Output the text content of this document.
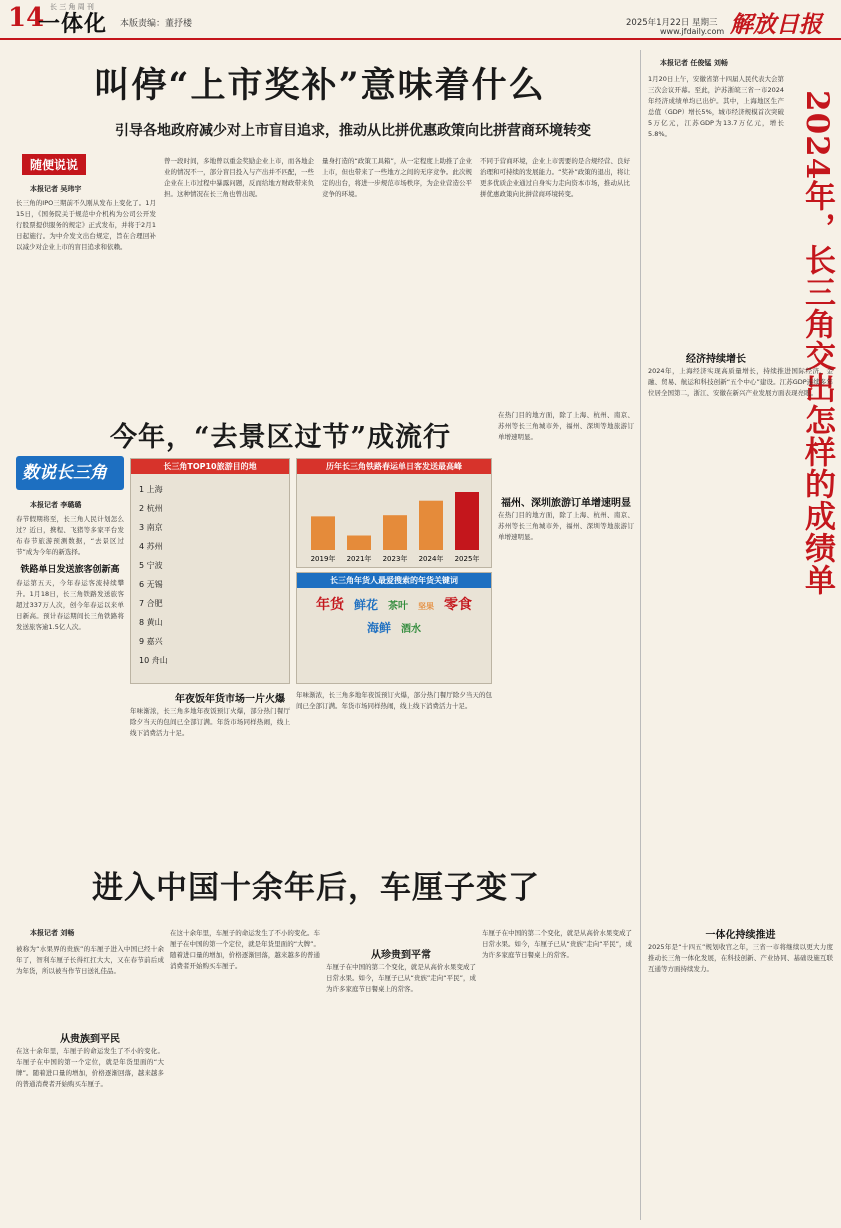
长 三 角 周 刊
14
一体化 本版责编：董抒楼	2025年1月22日 星期三
www.jfdaily.com 解放日报
叫停“上市奖补”意味着什么
引导各地政府减少对上市盲目追求，推动从比拼优惠政策向比拼营商环境转变
随便说说
本报记者 吴玮宇
长三角的IPO三期前不久刚从发布上变化了。1月15日，《国务院关于规范中介机构为公司公开发行股票提供服务的规定》正式发布，并将于2月1日起施行。为中介发文出台规定，旨在合理回补以减少对企业上市的盲目追求和依赖。
曾一段时间，多地曾以重金奖励企业上市，而各地企业的情况不一，部分盲目投入与产出并不匹配，一些企业在上市过程中暴露问题，反而给地方财政带来负担。这种情况在长三角也曾出现。
量身打造的“政策工具箱”，从一定程度上助推了企业上市，但也带来了一些地方之间的无序竞争。此次规定的出台，将进一步规范市场秩序，为企业营造公平竞争的环境。
不同于营商环境，企业上市需要的是合规经营、良好治理和可持续的发展能力。“奖补”政策的退出，将让更多优质企业通过自身实力走向资本市场，推动从比拼优惠政策向比拼营商环境转变。
本报记者 任俊锰 刘畅
2024年，长三角交出怎样的成绩单
1月20日上午，安徽省第十四届人民代表大会第三次会议开幕。至此，沪苏浙皖三省一市2024年经济成绩单均已出炉。其中，上海地区生产总值（GDP）增长5%，城市经济规模首次突破5万亿元，江苏GDP为13.7万亿元，增长5.8%。
经济持续增长
2024年，上海经济实现高质量增长，持续推进国际经济、金融、贸易、航运和科技创新“五个中心”建设。江苏GDP连续多年位居全国第二，浙江、安徽在新兴产业发展方面表现亮眼。
一体化持续推进
2025年是“十四五”规划收官之年，三省一市将继续以更大力度推动长三角一体化发展，在科技创新、产业协同、基础设施互联互通等方面持续发力。
今年，“去景区过节”成流行
数说长三角
本报记者 李璐璐
春节假期将至，长三角人民计划怎么过？近日，携程、飞猪等多家平台发布春节旅游预测数据，“去景区过节”成为今年的新选择。
铁路单日发送旅客创新高
春运第五天，今年春运客流持续攀升。1月18日，长三角铁路发送旅客超过337万人次，创今年春运以来单日新高。预计春运期间长三角铁路将发送旅客逾1.5亿人次。
长三角TOP10旅游目的地
1 上海
2 杭州
3 南京
4 苏州
5 宁波
6 无锡
7 合肥
8 黄山
9 嘉兴
10 舟山
历年长三角铁路春运单日客发送最高峰
2019年 2021年 2023年 2024年 2025年
长三角年货人最爱搜索的年货关键词
年货 鲜花 茶叶 坚果 零食海鲜 酒水
年夜饭年货市场一片火爆
年味渐浓，长三角多地年夜饭预订火爆，部分热门餐厅除夕当天的包间已全部订满。年货市场同样热闹，线上线下消费活力十足。
年味渐浓，长三角多地年夜饭预订火爆，部分热门餐厅除夕当天的包间已全部订满。年货市场同样热闹，线上线下消费活力十足。
福州、深圳旅游订单增速明显
在热门目的地方面，除了上海、杭州、南京、苏州等长三角城市外，福州、深圳等地旅游订单增速明显。
在热门目的地方面，除了上海、杭州、南京、苏州等长三角城市外，福州、深圳等地旅游订单增速明显。
进入中国十余年后，车厘子变了
本报记者 刘畅
被称为“水果界的贵族”的车厘子进入中国已经十余年了，智利车厘子长得红扛大大，又在春节前后成为年货，所以被当作节日送礼佳品。
从贵族到平民
在这十余年里，车厘子的命运发生了不小的变化。车厘子在中国的第一个定位，就是年货里面的“大牌”。随着进口量的增加，价格逐渐回落，越来越多的普通消费者开始购买车厘子。
在这十余年里，车厘子的命运发生了不小的变化。车厘子在中国的第一个定位，就是年货里面的“大牌”。随着进口量的增加，价格逐渐回落，越来越多的普通消费者开始购买车厘子。
从珍贵到平常
车厘子在中国的第二个变化，就是从高价水果变成了日常水果。如今，车厘子已从“贵族”走向“平民”，成为许多家庭节日餐桌上的常客。
车厘子在中国的第二个变化，就是从高价水果变成了日常水果。如今，车厘子已从“贵族”走向“平民”，成为许多家庭节日餐桌上的常客。
